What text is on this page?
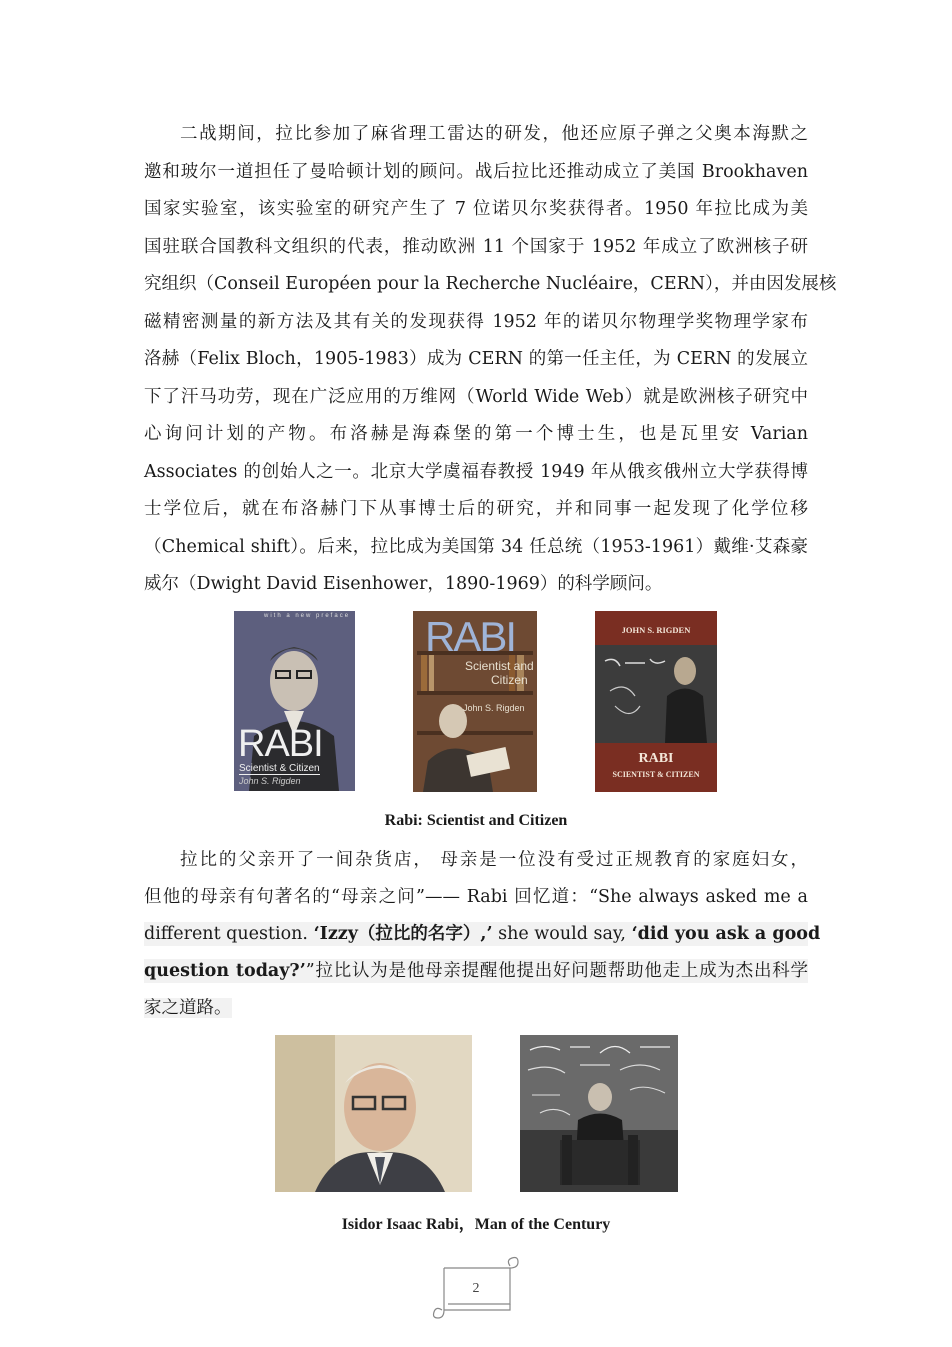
二战期间，拉比参加了麻省理工雷达的研发，他还应原子弹之父奥本海默之
邀和玻尔一道担任了曼哈顿计划的顾问。战后拉比还推动成立了美国 Brookhaven
国家实验室，该实验室的研究产生了 7 位诺贝尔奖获得者。1950 年拉比成为美
国驻联合国教科文组织的代表，推动欧洲 11 个国家于 1952 年成立了欧洲核子研
究组织（Conseil Européen pour la Recherche Nucléaire，CERN），并由因发展核
磁精密测量的新方法及其有关的发现获得 1952 年的诺贝尔物理学奖物理学家布
洛赫（Felix Bloch，1905-1983）成为 CERN 的第一任主任，为 CERN 的发展立
下了汗马功劳，现在广泛应用的万维网（World Wide Web）就是欧洲核子研究中
心询问计划的产物。布洛赫是海森堡的第一个博士生，也是瓦里安 Varian
Associates 的创始人之一。北京大学虞福春教授 1949 年从俄亥俄州立大学获得博
士学位后，就在布洛赫门下从事博士后的研究，并和同事一起发现了化学位移
（Chemical shift）。后来，拉比成为美国第 34 任总统（1953-1961）戴维·艾森豪
威尔（Dwight David Eisenhower，1890-1969）的科学顾问。
with a new preface
RABI
Scientist & Citizen
John S. Rigden
RABI
Scientist and
Citizen
John S. Rigden
JOHN S. RIGDEN
RABI
SCIENTIST & CITIZEN
Rabi: Scientist and Citizen
拉比的父亲开了一间杂货店， 母亲是一位没有受过正规教育的家庭妇女，
但他的母亲有句著名的“母亲之问”—— Rabi 回忆道：“She always asked me a
different question. ‘Izzy（拉比的名字）,’ she would say, ‘did you ask a good
question today?’”拉比认为是他母亲提醒他提出好问题帮助他走上成为杰出科学
家之道路。
Isidor Isaac Rabi，Man of the Century
2
